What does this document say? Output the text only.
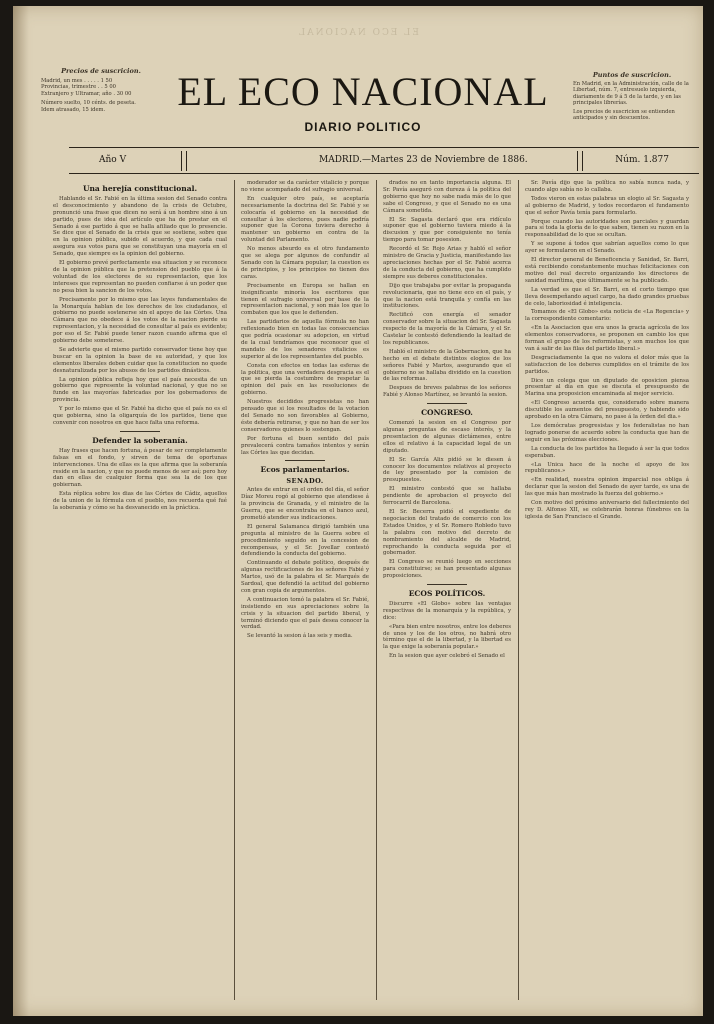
EL ECO NACIONAL
Precios de suscricion.
Madrid, un mes . . . . . 1 50
Provincias, trimestre . . 5 00
Extranjero y Ultramar, año . 30 00
Número suelto, 10 cénts. de peseta.
Idem atrasado, 15 idem.	EL ECO NACIONAL
DIARIO POLITICO
Puntos de suscricion.
En Madrid, en la Administración, calle de la Libertad, núm. 7, entresuelo izquierda, diariamente de 9 á 5 de la tarde, y en las principales librerías.
Los precios de suscricion se entienden anticipados y sin descuentos.
Año V	MADRID.—Martes 23 de Noviembre de 1886.	Núm. 1.877
Una herejía constitucional.

Hablando el Sr. Fabié en la última sesion del Senado contra el desconocimiento y abandono de la crisis de Octubre, pronunció una frase que dicen no será á un hombre sino á un partido, pues de idea del artículo que ha de prestar en el Senado á ese partido á que se halla afiliado que lo presencie. Se dice que el Senado de la crisis que se sostiene, sobre que en la opinion pública, subido el acuerdo, y que cada cual asegura sus votos para que se constituyan una mayoría en el Senado, que siempre es la opinion del gobierno.

El gobierno prevé perfectamente esa situacion y se reconoce de la opinion pública que la pretension del pueblo que á la voluntad de los electores de su representacion, que los intereses que representan no pueden confiarse á un poder que no pesa bien la sancion de los votos.

Precisamente por lo mismo que las leyes fundamentales de la Monarquía hablan de los derechos de los ciudadanos, el gobierno no puede sostenerse sin el apoyo de las Córtes. Una Cámara que no obedece á los votos de la nacion pierde su representacion, y la necesidad de consultar al país es evidente; por eso el Sr. Fabié puede tener razon cuando afirma que el gobierno debe someterse.

Se advierte que el mismo partido conservador tiene hoy que buscar en la opinion la base de su autoridad, y que los elementos liberales deben cuidar que la constitucion no quede desnaturalizada por los abusos de los partidos dinásticos.

La opinion pública refleja hoy que el país necesita de un gobierno que represente la voluntad nacional, y que no se funde en las mayorías fabricadas por los gobernadores de provincia.

Y por lo mismo que el Sr. Fabié ha dicho que el país no es el que gobierna, sino la oligarquía de los partidos, tiene que convenir con nosotros en que hace falta una reforma.

Defender la soberanía.

Hay frases que hacen fortuna, á pesar de ser completamente falsas en el fondo, y sirven de tema de oportunas intervenciones. Una de ellas es la que afirma que la soberanía reside en la nacion, y que no puede menos de ser así; pero hoy dan en ellas de cualquier forma que sea la de los que gobiernan.

Esta réplica sobre los dias de las Córtes de Cádiz, aquellos de la union de la fórmula con el pueblo, nos recuerda qué fué la soberanía y cómo se ha desvanecido en la práctica.

moderador se da carácter vitalicio y porque no viene acompañado del sufragio universal.

En cualquier otro país, se aceptaría necesariamente la doctrina del Sr. Fabié y se colocaría el gobierno en la necesidad de consultar á los electores, pues nadie podría suponer que la Corona tuviera derecho á mantener un gobierno en contra de la voluntad del Parlamento.

No menos absurdo es el otro fundamento que se alega por algunos de confundir al Senado con la Cámara popular; la cuestion es de principios, y los principios no tienen dos caras.

Precisamente en Europa se hallan en insignificante minoría los escritores que tienen el sufragio universal por base de la representacion nacional, y son más los que lo combaten que los que le defienden.

Las partidarios de aquella fórmula no han reflexionado bien en todas las consecuencias que podría ocasionar su adopcion, en virtud de la cual tendríamos que reconocer que el mandato de los senadores vitalicios es superior al de los representantes del pueblo.

Consta con efectos en todas las esferas de la politica, que una verdadera desgracia es el que se pierda la costumbre de respetar la opinion del país en las resoluciones de gobierno.

Nuestros decididos progresistas no han pensado que si los resultados de la votacion del Senado no son favorables al Gobierno, éste debería retirarse, y que no han de ser los conservadores quienes lo sostengan.

Por fortuna el buen sentido del país prevalecerá contra tamaños intentos y serán las Córtes las que decidan.

Ecos parlamentarios.
SENADO.

Antes de entrar en el orden del día, el señor Díaz Moreu rogó al gobierno que atendiese á la provincia de Granada, y el ministro de la Guerra, que se encontraba en el banco azul, prometió atender sus indicaciones.

El general Salamanca dirigió también una pregunta al ministro de la Guerra sobre el procedimiento seguido en la concesion de recompensas, y el Sr. Jovellar contestó defendiendo la conducta del gobierno.

Continuando el debate político, después de algunas rectificaciones de los señores Fabié y Martos, usó de la palabra el Sr. Marqués de Sardoal, que defendió la actitud del gobierno con gran copia de argumentos.

A continuacion tomó la palabra el Sr. Fabié, insistiendo en sus apreciaciones sobre la crisis y la situacion del partido liberal, y terminó diciendo que el país desea conocer la verdad.

Se levantó la sesion á las seis y media.

drados no en tanto importancia alguna. El Sr. Pavía aseguró con dureza á la política del gobierno que hoy no sabe nada más de lo que sabe el Congreso, y que el Senado no es una Cámara sometida.

El Sr. Sagasta declaró que era ridículo suponer que el gobierno tuviera miedo á la discusion y que por consiguiente no tenía tiempo para tomar posesion.

Recordó el Sr. Rojo Arias y habló el señor ministro de Gracia y Justicia, manifestando las apreciaciones hechas por el Sr. Fabié acerca de la conducta del gobierno, que ha cumplido siempre sus deberes constitucionales.

Dijo que trabajaba por evitar la propaganda revolucionaria, que no tiene eco en el país, y que la nacion está tranquila y confía en las instituciones.

Rectificó con energía el senador conservador sobre la situacion del Sr. Sagasta respecto de la mayoría de la Cámara, y el Sr. Castelar le contestó defendiendo la lealtad de los republicanos.

Habló el ministro de la Gobernacion, que ha hecho en el debate distintos elogios de los señores Fabié y Martos, asegurando que el gobierno no se hallaba dividido en la cuestion de las reformas.

Despues de breves palabras de los señores Fabié y Alonso Martínez, se levantó la sesion.

CONGRESO.

Comenzó la sesion en el Congreso por algunas preguntas de escaso interés, y la presentacion de algunas dictámenes, entre ellos el relativo á la capacidad legal de un diputado.

El Sr. García Alix pidió se le diesen á conocer los documentos relativos al proyecto de ley presentado por la comision de presupuestos.

El ministro contestó que se hallaba pendiente de aprobacion el proyecto del ferrocarril de Barcelona.

El Sr. Becerra pidió el expediente de negociacion del tratado de comercio con los Estados Unidos, y el Sr. Romero Robledo tuvo la palabra con motivo del decreto de nombramiento del alcalde de Madrid, reprochando la conducta seguida por el gobernador.

El Congreso se reunió luego en secciones para constituirse; se han presentado algunas proposiciones.

ECOS POLÍTICOS.

Discurre «El Globo» sobre las ventajas respectivas de la monarquía y la república, y dice:

«Para bien entre nosotros, entre los deberes de unos y los de los otros, no habrá otro término que el de la libertad, y la libertad es la que exige la soberanía popular.»

En la sesion que ayer celebró el Senado el

Sr. Pavía dijo que la política no sabía nunca nada, y cuando algo sabía no lo callaba.

Todos vieron en estas palabras un elogio al Sr. Sagasta y al gobierno de Madrid, y todos recordaron el fundamento que el señor Pavía tenía para formularlo.

Porque cuando las autoridades son parciales y guardan para sí toda la gloria de lo que saben, tienen su razon en la responsabilidad de lo que se ocultan.

Y se supone á todos que sabrían aquellos como lo que ayer se formularon en el Senado.

El director general de Beneficencia y Sanidad, Sr. Barri, está recibiendo constantemente muchas felicitaciones con motivo del real decreto organizando los directores de sanidad marítima, que últimamente se ha publicado.

La verdad es que el Sr. Barri, en el corto tiempo que lleva desempeñando aquel cargo, ha dado grandes pruebas de celo, laboriosidad é inteligencia.

Tomamos de «El Globo» esta noticia de «La Regencia» y la correspondiente comentario:

«En la Asociacion que era unos la gracia agrícola de los elementos conservadores, se proponen en cambio los que forman el grupo de los reformistas, y son muchos los que van á salir de las filas del partido liberal.»

Desgraciadamente la que no valora el dolor más que la satisfaccion de los deberes cumplidos en el trámite de los partidos.

Dice un colega que un diputado de oposicion piensa presentar al día en que se discuta el presupuesto de Marina una proposicion encaminada al mejor servicio.

«El Congreso acuerda que, considerado sobre manera discutible los aumentos del presupuesto, y habiendo sido aprobado en la otra Cámara, no pase á la órden del dia.»

Los demócratas progresistas y los federalistas no han logrado ponerse de acuerdo sobre la conducta que han de seguir en las próximas elecciones.

La conducta de los partidos ha llegado á ser la que todos esperaban.

«La Unica hace de la noche el apoyo de los republicanos.»

«En realidad, nuestra opinion imparcial nos obliga á declarar que la sesion del Senado de ayer tarde, es una de las que más han mostrado la fuerza del gobierno.»

Con motivo del próximo aniversario del fallecimiento del rey D. Alfonso XII, se celebrarán honras fúnebres en la iglesia de San Francisco el Grande.
